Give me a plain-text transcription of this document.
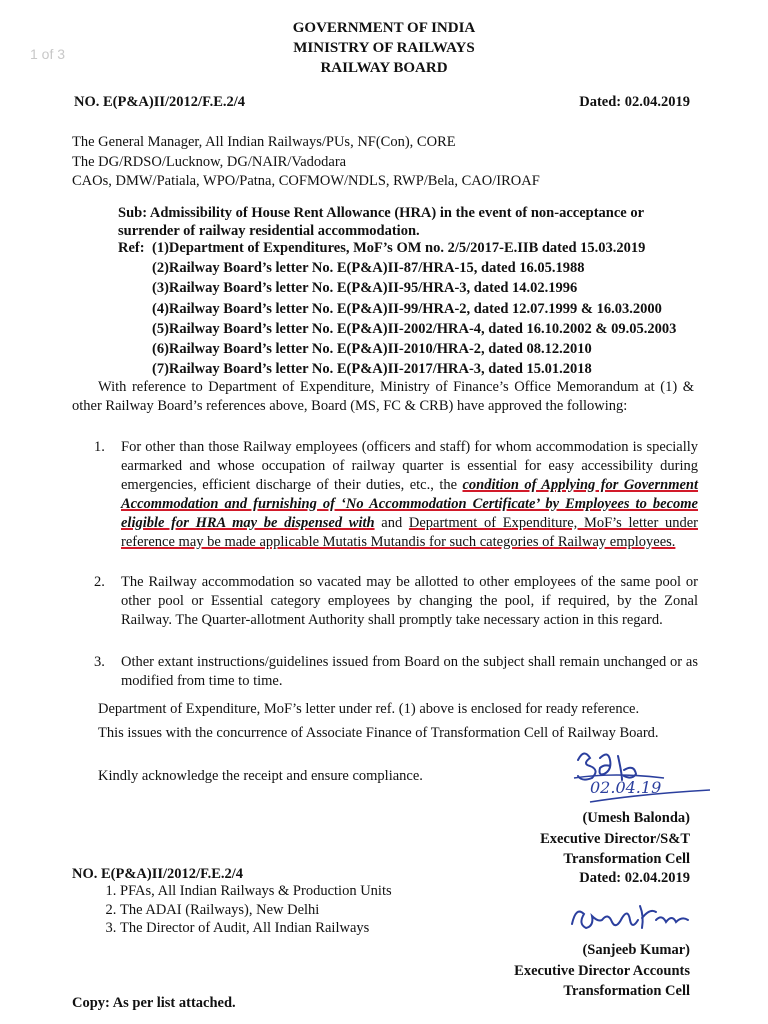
1 of 3
GOVERNMENT OF INDIA
MINISTRY OF RAILWAYS
RAILWAY BOARD
NO. E(P&A)II/2012/F.E.2/4	Dated: 02.04.2019
The General Manager, All Indian Railways/PUs, NF(Con), CORE
The DG/RDSO/Lucknow, DG/NAIR/Vadodara
CAOs, DMW/Patiala, WPO/Patna, COFMOW/NDLS, RWP/Bela, CAO/IROAF
Sub: Admissibility of House Rent Allowance (HRA) in the event of non-acceptance or surrender of railway residential accommodation.
Ref: (1)Department of Expenditures, MoF’s OM no. 2/5/2017-E.IIB dated 15.03.2019
(2)Railway Board’s letter No. E(P&A)II-87/HRA-15, dated 16.05.1988
(3)Railway Board’s letter No. E(P&A)II-95/HRA-3, dated 14.02.1996
(4)Railway Board’s letter No. E(P&A)II-99/HRA-2, dated 12.07.1999 & 16.03.2000
(5)Railway Board’s letter No. E(P&A)II-2002/HRA-4, dated 16.10.2002 & 09.05.2003
(6)Railway Board’s letter No. E(P&A)II-2010/HRA-2, dated 08.12.2010
(7)Railway Board’s letter No. E(P&A)II-2017/HRA-3, dated 15.01.2018

With reference to Department of Expenditure, Ministry of Finance’s Office Memorandum at (1) & other Railway Board’s references above, Board (MS, FC & CRB) have approved the following:

1. For other than those Railway employees (officers and staff) for whom accommodation is specially earmarked and whose occupation of railway quarter is essential for easy accessibility during emergencies, efficient discharge of their duties, etc., the condition of Applying for Government Accommodation and furnishing of ‘No Accommodation Certificate’ by Employees to become eligible for HRA may be dispensed with and Department of Expenditure, MoF’s letter under reference may be made applicable Mutatis Mutandis for such categories of Railway employees.
2. The Railway accommodation so vacated may be allotted to other employees of the same pool or other pool or Essential category employees by changing the pool, if required, by the Zonal Railway. The Quarter-allotment Authority shall promptly take necessary action in this regard.
3. Other extant instructions/guidelines issued from Board on the subject shall remain unchanged or as modified from time to time.

Department of Expenditure, MoF’s letter under ref. (1) above is enclosed for ready reference.

This issues with the concurrence of Associate Finance of Transformation Cell of Railway Board.

Kindly acknowledge the receipt and ensure compliance.

02.04.19
(Umesh Balonda)
Executive Director/S&T
Transformation Cell
NO. E(P&A)II/2012/F.E.2/4	Dated: 02.04.2019
1. PFAs, All Indian Railways & Production Units
2. The ADAI (Railways), New Delhi
3. The Director of Audit, All Indian Railways
(Sanjeeb Kumar)
Executive Director Accounts
Transformation Cell
Copy: As per list attached.
